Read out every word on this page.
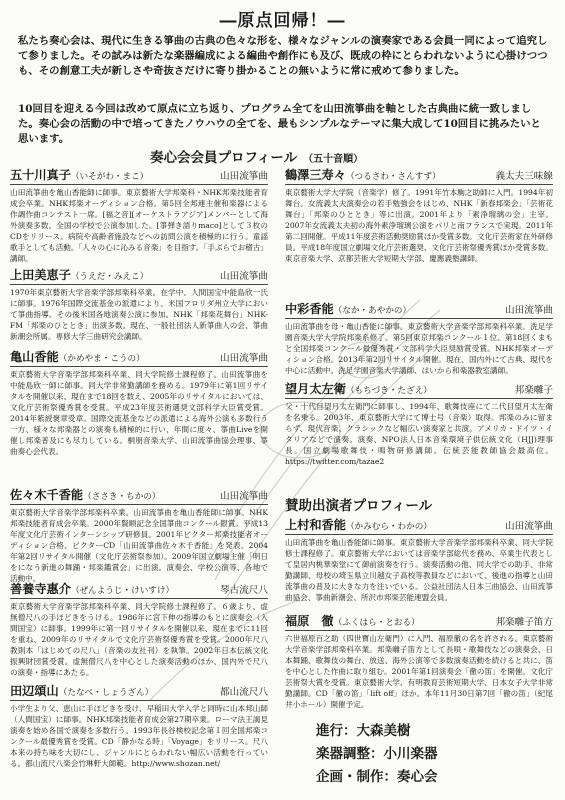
―原点回帰！―

私たち奏心会は、現代に生きる箏曲の古典の色々な形を、様々なジャンルの演奏家である会員一同によって追究して参りました。その試みは新たな楽器編成による編曲や創作にも及び、既成の枠にとらわれないように心掛けつつも、その創意工夫が新しさや奇抜さだけに寄り掛かることの無いように常に戒めて参りました。

10回目を迎える今回は改めて原点に立ち返り、プログラム全てを山田流箏曲を軸とした古典曲に統一致しました。奏心会の活動の中で培ってきたノウハウの全てを、最もシンプルなテーマに集大成して10回目に挑みたいと思います。

奏心会会員プロフィール （五十音順）
五十川真子（いそがわ・まこ）	山田流箏曲

山田流箏曲を亀山香能師に師事。東京藝術大学邦楽科・NHK邦楽技能者育成会卒業。NHK邦楽オーディション合格。第5回全邦連主催和楽器による作調作曲コンテスト一席。[福之音][オーケストラアジア]メンバーとして海外演奏多数。全国の学校で公演参加した。[箏弾き語りmaco]として３枚のCDをリリース。病院や高齢者施設などへの訪問公演を積極的に行う。童謡歌手としても活動。「人々の心に沁みる音楽」を目指す。「手ぶらでお稽古」講師。

上田美恵子（うえだ・みえこ）	山田流箏曲

1970年東京藝術大学音楽学部邦楽科卒業。在学中、人間国宝中能島欣一氏に師事。1976年国際交流基金の派遣により、米国フロリダ州立大学において箏曲指導。その後米国各地演奏公演に参加。NHK「邦楽花舞台」NHK-FM「邦楽のひととき」出演多数。現在、一般社団法人新箏曲人の会、箏曲新潮会所属。専修大学三曲研究会講師。

亀山香能（かめやま・こうの）	山田流箏曲

東京藝術大学音楽学部邦楽科卒業、同大学院修士課程修了。山田流箏曲を中能島欣一師に師事。同大学非常勤講師を務める。1979年に第1回リサイタルを開催以来、現在まで18回を数え、2005年のリサイタルにおいては、文化庁芸術祭優秀賞を受賞。平成23年度芸術選奨文部科学大臣賞受賞。2014年紫綬褒章受章。国際交流基金などの派遣による海外公演も多数行う一方、様々な邦楽器との演奏も積極的に行い、年間に度々、箏曲Liveを開催し邦楽普及にも尽力している。桐朋音楽大学、山田流箏曲協会理事、箏曲奏心会代表。

佐々木千香能（ささき・ちかの）	山田流箏曲

東京藝術大学音楽学部邦楽科卒業。山田流箏曲を亀山香能師に師事。NHK邦楽技能者育成会卒業。2000年賢順記念全国箏曲コンクール銀賞。平成13年度文化庁芸術インターンシップ研修員。2001年ビクター邦楽技能者オーディション合格、ビクターCD「山田流箏曲佐々木千香能」を発表。2004年第2回リサイタル開催（文化庁芸術祭参加）。2009年国立劇場主催「明日をになう新進の舞踊・邦楽鑑賞会」に出演。演奏会、学校公演等、各地で活動中。

善養寺惠介（ぜんようじ・けいすけ）	琴古流尺八

東京藝術大学音楽学部邦楽科卒業、同大学院修士課程修了。６歳より、虚無僧尺八の手ほどきをうける。1986年に宮下伸の指導のもとに演奏会（入間国宝）に師事。1999年に第一回リサイタルを開催以来、現在までに11回を重ね、2009年のリサイタルで文化庁芸術祭優秀賞を受賞。2000年尺八教則本「はじめての尺八」（音楽の友社刊）を執筆。2002年日本伝統文化振興財団賞受賞。虚無僧尺八を中心とした演奏活動のほか、国内外で尺八の演奏・指導にあたる。

田辺頌山（たなべ・しょうざん）	都山流尺八

小学生より父、恵山に手ほどきを受け、早稲田大学入学と同時に山本邦山師（人間国宝）に師事。NHK邦楽技能者育成会第27期卒業。ローマ法王謁見演奏を始め各国で演奏を多数行う。1993年長谷検校記念第１回全国邦楽コンクール最優秀賞を受賞。CD「静かなる時」「Voyage」をリリース。尺八本来の持ち味を大切にし、ジャンルにとらわれない幅広い活動を行っている。都山流尺八楽会竹琳軒大師範。http://www.shozan.net/

鶴澤三寿々（つるさわ・さんすず）	義太夫三味線

東京藝術大学大学院（音楽学）修了。1991年竹本駒之助師に入門。1994年初舞台。女流義太夫演奏会の若手勉強会をはじめ、NHK「新春邦楽会」「芸術花舞台」「邦楽のひととき」等に出演。2001年より「素浄瑠璃の会」主宰。2007年女流義太夫初の海外素浄瑠璃公演をパリと南フランスで実現。2011年第二回開催。平成11年度芸術活動奨励賞ほか受賞多数。文化庁芸術家在外研修員。平成18年度国立劇場文化庁芸術選奨、文化庁芸術祭優秀賞ほか受賞多数。東京音楽大学、京都芸術大学短期大学部、慶應義塾講師。

中彩香能（なか・あやかの）	山田流箏曲

山田流箏曲を母・亀山香能に師事。東京藝術大学音楽学部邦楽科卒業。洗足学園音楽大学大学院邦楽系修了。第5回東京邦楽コンクール１位、第18回くまもと全国邦楽コンクール最優秀賞・文部科学大臣奨励賞受賞。NHK邦楽オーディション合格。2013年第2回リサイタル開催。現在、国内外にて古典、現代を中心に活動中。洗足学園音楽大学講師、はいから和楽器教室講師。

望月太左衛（もちづき・たざえ）	邦楽囃子

父・十代目望月太左衛門に師事し、1994年、歌舞伎座にて二代目望月太左衛を名乗る。2003年、東京藝術大学にて博士号（音楽）取得。邦楽のみに留まらず、現代音楽、クラシックなど幅広い演奏家と共演。アメリカ・ドイツ・イタリアなどで演奏。演奏、NPO法人日本音楽環境子供伝統文化（HJJ)理事長。国立劇場歌舞伎・鳴物研修講師。伝統芸能教師協会最高位。https://twitter.com/tazae2

賛助出演者プロフィール
上村和香能（かみむら・わかの）	山田流箏曲

山田流箏曲を亀山香能師に師事。東京藝術大学音楽学部邦楽科卒業、同大学院修士課程修了。東京藝術大学においては音楽学部総代を務め、卒業生代表として皇居内桃華楽堂にて御前演奏を行う。演奏活動の他、同大学での助手、非常勤講師、母校の埼玉県立川越女子高校等教員などにおいて、後進の指導と山田流箏曲の普及に大きな力を注いでいる。公益社団法人日本三曲協会、山田流箏曲協会、箏曲新潮会、所沢市邦楽芸能連盟会員。

福原　徹（ふくはら・とおる）	邦楽囃子笛方

六世福原百之助（四世寶山左衛門）に入門、福原徹の名を許される。東京藝術大学音楽学部邦楽科卒業。邦楽囃子笛方として長唄・歌舞伎などの演奏会、日本舞踊、歌舞伎の舞台、放送、海外公演等で多数演奏活動を続けると共に、笛を中心とした作曲に取り組む。2001年第1回演奏会「徹の笛」を開催。文化庁芸術祭大賞を受賞。東京藝術大学、有明教育芸術短期大学、日本女子大学非常勤講師。CD「徹の笛」「lift off」ほか。本年11月30日第7回「徹の笛」（紀尾井小ホール）開催予定。

進行：大森美樹
楽器調整：小川楽器
企画・制作：奏心会
